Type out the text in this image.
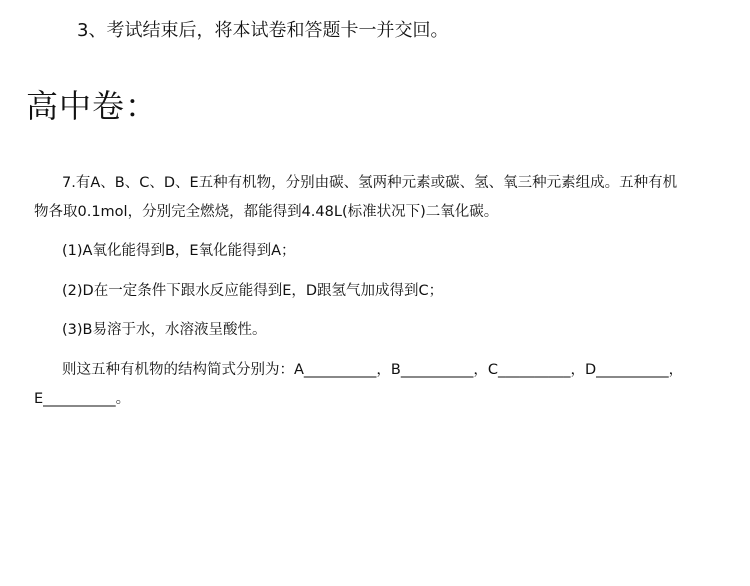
3、考试结束后，将本试卷和答题卡一并交回。
高中卷：
7.有A、B、C、D、E五种有机物，分别由碳、氢两种元素或碳、氢、氧三种元素组成。五种有机
物各取0.1mol，分别完全燃烧，都能得到4.48L(标准状况下)二氧化碳。
(1)A氧化能得到B，E氧化能得到A；
(2)D在一定条件下跟水反应能得到E，D跟氢气加成得到C；
(3)B易溶于水，水溶液呈酸性。
则这五种有机物的结构简式分别为：A__________，B__________，C__________，D__________，
E__________。
